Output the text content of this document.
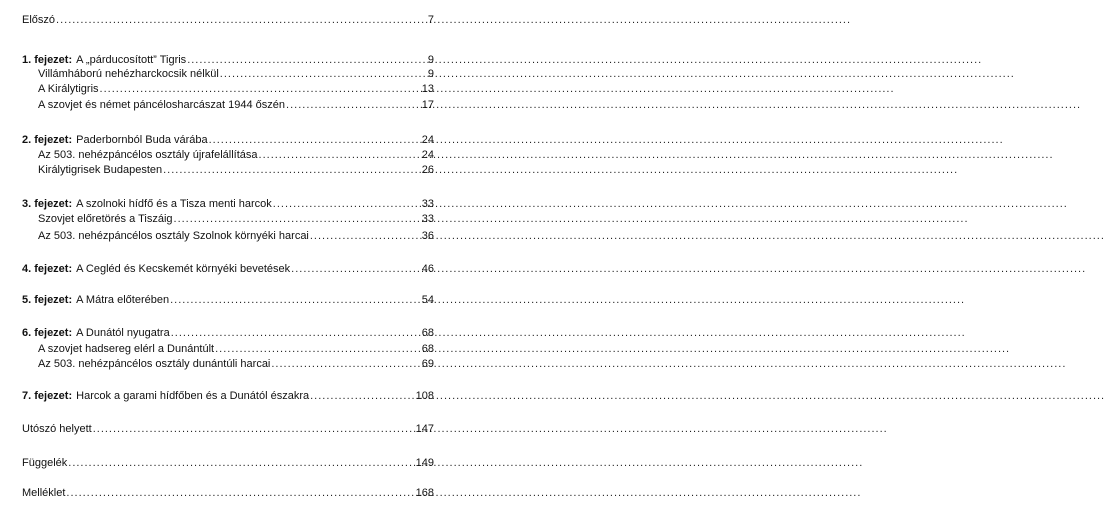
Előszó .....	7
1. fejezet: A „párducosított” Tigris .....	9
Villámháború nehézharckocsik nélkül .....	9
A Királytigris .....	13
A szovjet és német páncélosharcászat 1944 őszén .....	17
2. fejezet: Paderbornból Buda várába .....	24
Az 503. nehézpáncélos osztály újrafelállítása .....	24
Királytigrisek Budapesten .....	26
3. fejezet: A szolnoki hídfő és a Tisza menti harcok .....	33
Szovjet előretörés a Tiszáig .....	33
Az 503. nehézpáncélos osztály Szolnok környéki harcai .....	36
4. fejezet: A Cegléd és Kecskemét környéki bevetések .....	46
5. fejezet: A Mátra előterében .....	54
6. fejezet: A Dunától nyugatra .....	68
A szovjet hadsereg elérl a Dunántúlt .....	68
Az 503. nehézpáncélos osztály dunántúli harcai .....	69
7. fejezet: Harcok a garami hídfőben és a Dunától északra .....	108
Utószó helyett .....	147
Függelék .....	149
Melléklet .....	168
